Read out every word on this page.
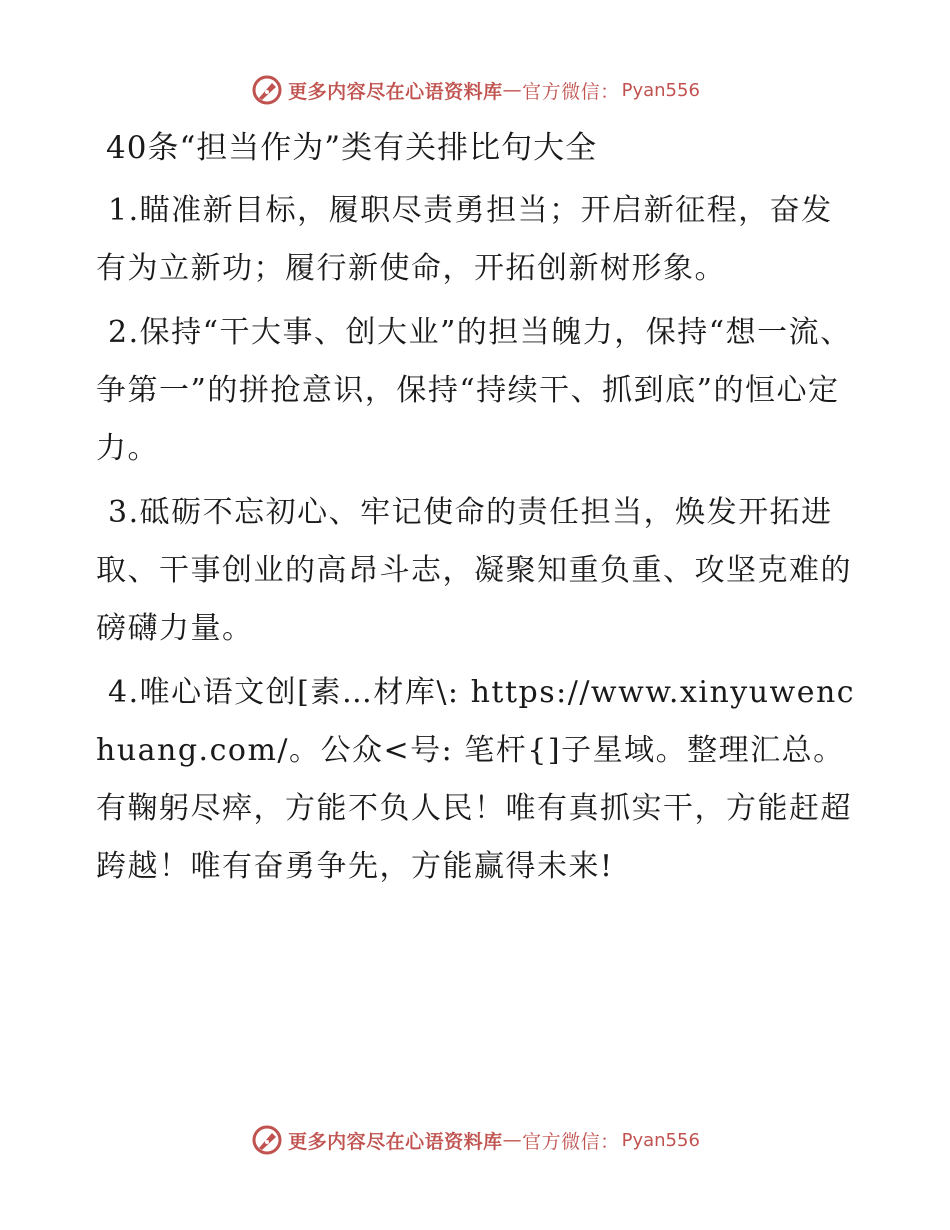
更多内容尽在心语资料库 — 官方微信： Pyan556
40条“担当作为”类有关排比句大全

1.瞄准新目标，履职尽责勇担当；开启新征程，奋发有为立新功；履行新使命，开拓创新树形象。

2.保持“干大事、创大业”的担当魄力，保持“想一流、争第一”的拼抢意识，保持“持续干、抓到底”的恒心定力。

3.砥砺不忘初心、牢记使命的责任担当，焕发开拓进取、干事创业的高昂斗志，凝聚知重负重、攻坚克难的磅礴力量。

4.唯心语文创[素…材库\: https://www.xinyuwenchuang.com/。公众<号: 笔杆{]子星域。整理汇总。有鞠躬尽瘁，方能不负人民！唯有真抓实干，方能赶超跨越！唯有奋勇争先，方能赢得未来!

更多内容尽在心语资料库 — 官方微信： Pyan556
